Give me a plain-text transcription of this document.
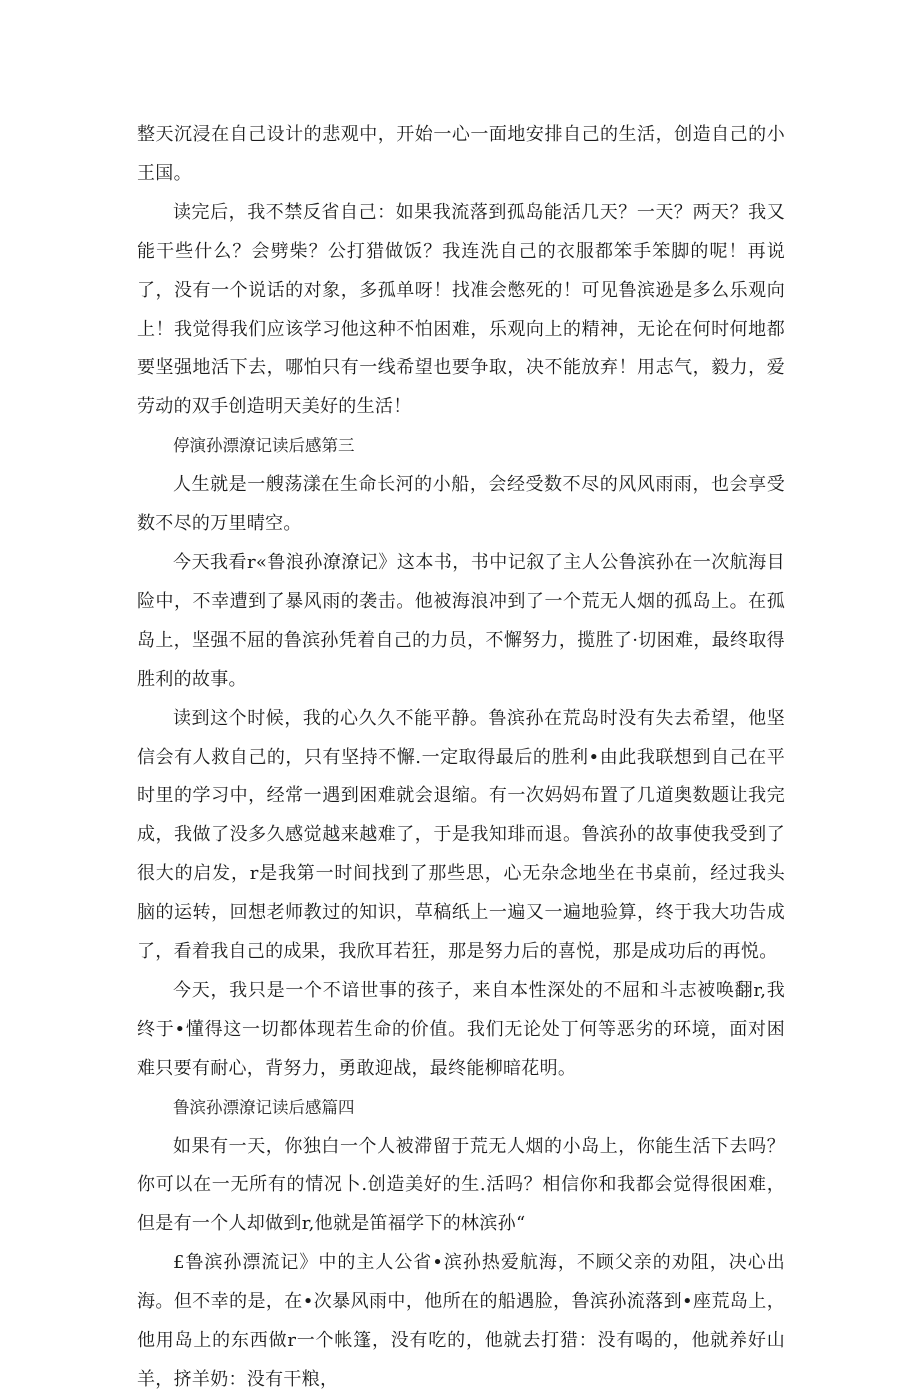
整天沉浸在自己设计的悲观中，开始一心一面地安排自己的生活，创造自己的小王国。

读完后，我不禁反省自己：如果我流落到孤岛能活几天？一天？两天？我又能干些什么？会劈柴？公打猎做饭？我连洗自己的衣服都笨手笨脚的呢！再说了，没有一个说话的对象，多孤单呀！找准会憋死的！可见鲁滨逊是多么乐观向上！我觉得我们应该学习他这种不怕困难，乐观向上的精神，无论在何时何地都要坚强地活下去，哪怕只有一线希望也要争取，决不能放弃！用志气，毅力，爱劳动的双手创造明天美好的生活！

停演孙漂潦记读后感第三

人生就是一艘荡漾在生命长河的小船，会经受数不尽的风风雨雨，也会享受数不尽的万里晴空。

今天我看r«鲁浪孙潦潦记》这本书，书中记叙了主人公鲁滨孙在一次航海目险中，不幸遭到了暴风雨的袭击。他被海浪冲到了一个荒无人烟的孤岛上。在孤岛上，坚强不屈的鲁滨孙凭着自己的力员，不懈努力，揽胜了·切困难，最终取得胜利的故事。

读到这个时候，我的心久久不能平静。鲁滨孙在荒岛时没有失去希望，他坚信会有人救自己的，只有坚持不懈.一定取得最后的胜利•由此我联想到自己在平时里的学习中，经常一遇到困难就会退缩。有一次妈妈布置了几道奥数题让我完成，我做了没多久感觉越来越难了，于是我知琲而退。鲁滨孙的故事使我受到了很大的启发，r是我第一时间找到了那些思，心无杂念地坐在书桌前，经过我头脑的运转，回想老师教过的知识，草稿纸上一遍又一遍地验算，终于我大功告成了，看着我自己的成果，我欣耳若狂，那是努力后的喜悦，那是成功后的再悦。

今天，我只是一个不谙世事的孩子，来自本性深处的不屈和斗志被唤翻r,我终于•懂得这一切都体现若生命的价值。我们无论处丁何等恶劣的环境，面对困难只要有耐心，背努力，勇敢迎战，最终能柳暗花明。

鲁滨孙漂潦记读后感篇四

如果有一天，你独白一个人被滞留于荒无人烟的小岛上，你能生活下去吗？你可以在一无所有的情况卜.创造美好的生.活吗？相信你和我都会觉得很困难，但是有一个人却做到r,他就是笛福学下的林滨孙“

£鲁滨孙漂流记》中的主人公省•滨孙热爱航海，不顾父亲的劝阻，决心出海。但不幸的是，在•次暴风雨中，他所在的船遇脸，鲁滨孙流落到•座荒岛上，他用岛上的东西做r一个帐篷，没有吃的，他就去打猎：没有喝的，他就养好山羊，挤羊奶：没有干粮，
